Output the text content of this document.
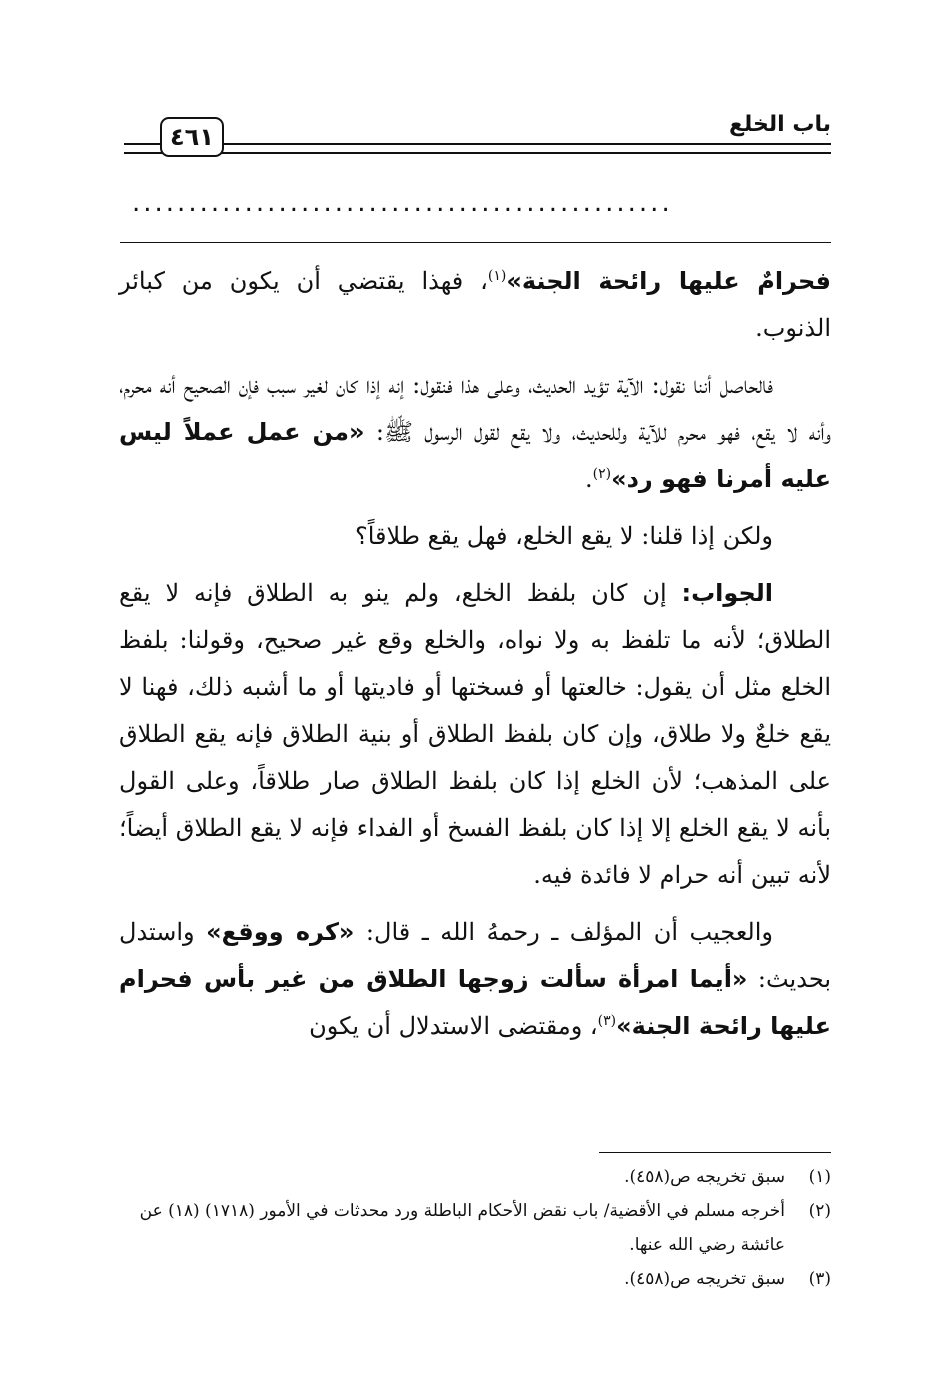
باب الخلع
٤٦١
................................................

فحرامٌ عليها رائحة الجنة»$^{(١)}$، فهذا يقتضي أن يكون من كبائر الذنوب.

فالحاصل أننا نقول: الآية تؤيد الحديث، وعلى هذا فنقول: إنه إذا كان لغير سبب فإن الصحيح أنه محرم، وأنه لا يقع، فهو محرم للآية وللحديث، ولا يقع لقول الرسول ﷺ: «من عمل عملاً ليس عليه أمرنا فهو رد»$^{(٢)}$.

ولكن إذا قلنا: لا يقع الخلع، فهل يقع طلاقاً؟

الجواب: إن كان بلفظ الخلع، ولم ينو به الطلاق فإنه لا يقع الطلاق؛ لأنه ما تلفظ به ولا نواه، والخلع وقع غير صحيح، وقولنا: بلفظ الخلع مثل أن يقول: خالعتها أو فسختها أو فاديتها أو ما أشبه ذلك، فهنا لا يقع خلعٌ ولا طلاق، وإن كان بلفظ الطلاق أو بنية الطلاق فإنه يقع الطلاق على المذهب؛ لأن الخلع إذا كان بلفظ الطلاق صار طلاقاً، وعلى القول بأنه لا يقع الخلع إلا إذا كان بلفظ الفسخ أو الفداء فإنه لا يقع الطلاق أيضاً؛ لأنه تبين أنه حرام لا فائدة فيه.

والعجيب أن المؤلف ـ رحمهُ الله ـ قال: «كره ووقع» واستدل بحديث: «أيما امرأة سألت زوجها الطلاق من غير بأس فحرام عليها رائحة الجنة»$^{(٣)}$، ومقتضى الاستدلال أن يكون

(١)
سبق تخريجه ص(٤٥٨).
(٢)
أخرجه مسلم في الأقضية/ باب نقض الأحكام الباطلة ورد محدثات في الأمور (١٧١٨) (١٨) عن عائشة رضي الله عنها.
(٣)
سبق تخريجه ص(٤٥٨).
